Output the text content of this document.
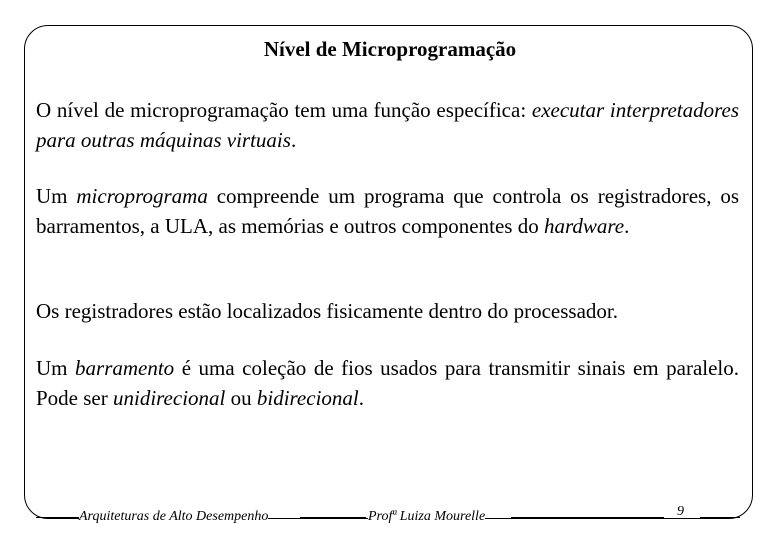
Nível de Microprogramação

O nível de microprogramação tem uma função específica: executar interpretadores para outras máquinas virtuais.

Um microprograma compreende um programa que controla os registradores, os barramentos, a ULA, as memórias e outros componentes do hardware.

Os registradores estão localizados fisicamente dentro do processador.

Um barramento é uma coleção de fios usados para transmitir sinais em paralelo. Pode ser unidirecional ou bidirecional.

Arquiteturas de Alto Desempenho	Profª Luiza Mourelle	9
